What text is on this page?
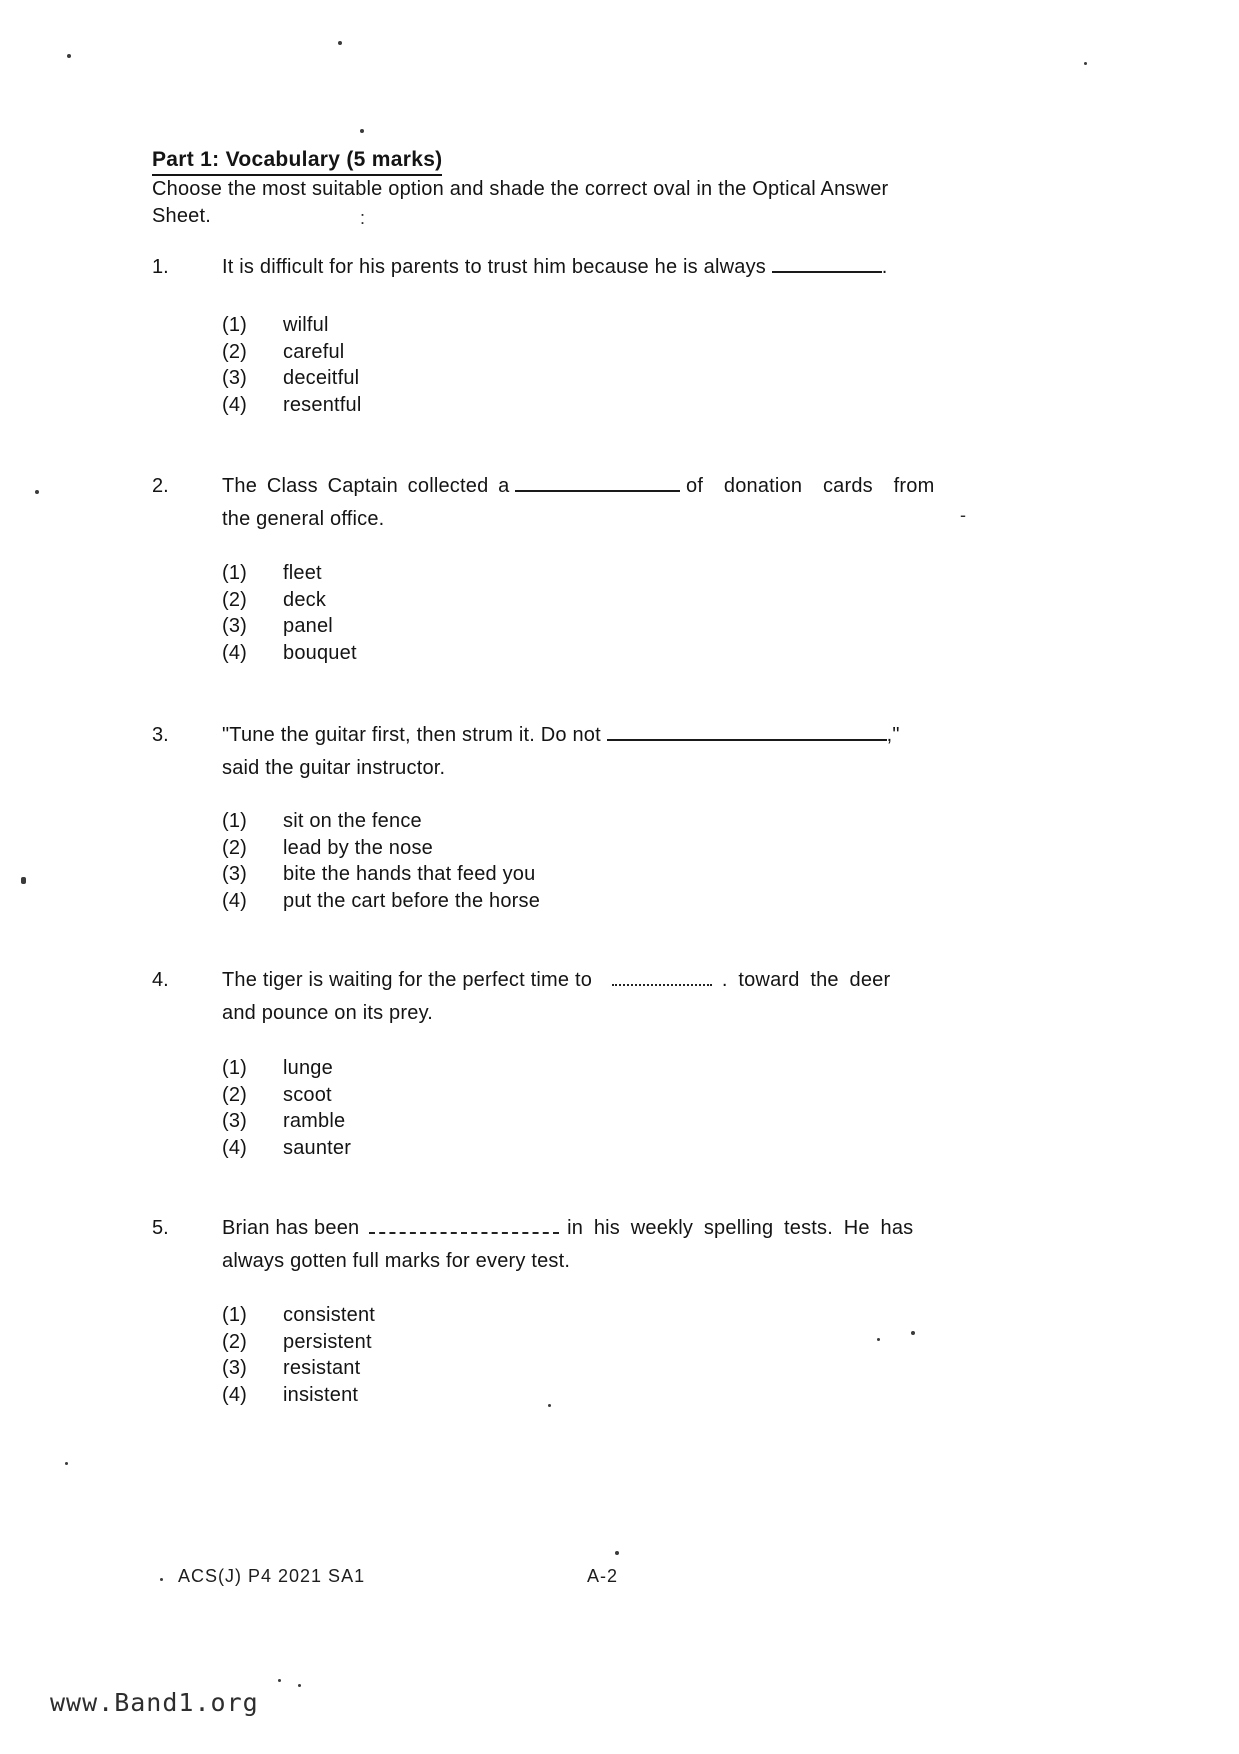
Part 1: Vocabulary (5 marks)
Choose the most suitable option and shade the correct oval in the Optical Answer
Sheet.	:
1.	It is difficult for his parents to trust him because he is always	.
(1)	wilful
(2)	careful
(3)	deceitful
(4)	resentful
2.	The Class Captain collected a	of donation cards from
the general office.	-
(1)	fleet
(2)	deck
(3)	panel
(4)	bouquet
3.	"Tune the guitar first, then strum it. Do not	,"
said the guitar instructor.
(1)	sit on the fence
(2)	lead by the nose
(3)	bite the hands that feed you
(4)	put the cart before the horse
4.	The tiger is waiting for the perfect time to	. toward the deer
and pounce on its prey.
(1)	lunge
(2)	scoot
(3)	ramble
(4)	saunter
5.	Brian has been	in his weekly spelling tests. He has
always gotten full marks for every test.
(1)	consistent
(2)	persistent
(3)	resistant
(4)	insistent
ACS(J) P4 2021 SA1	A-2
www.Band1.org
